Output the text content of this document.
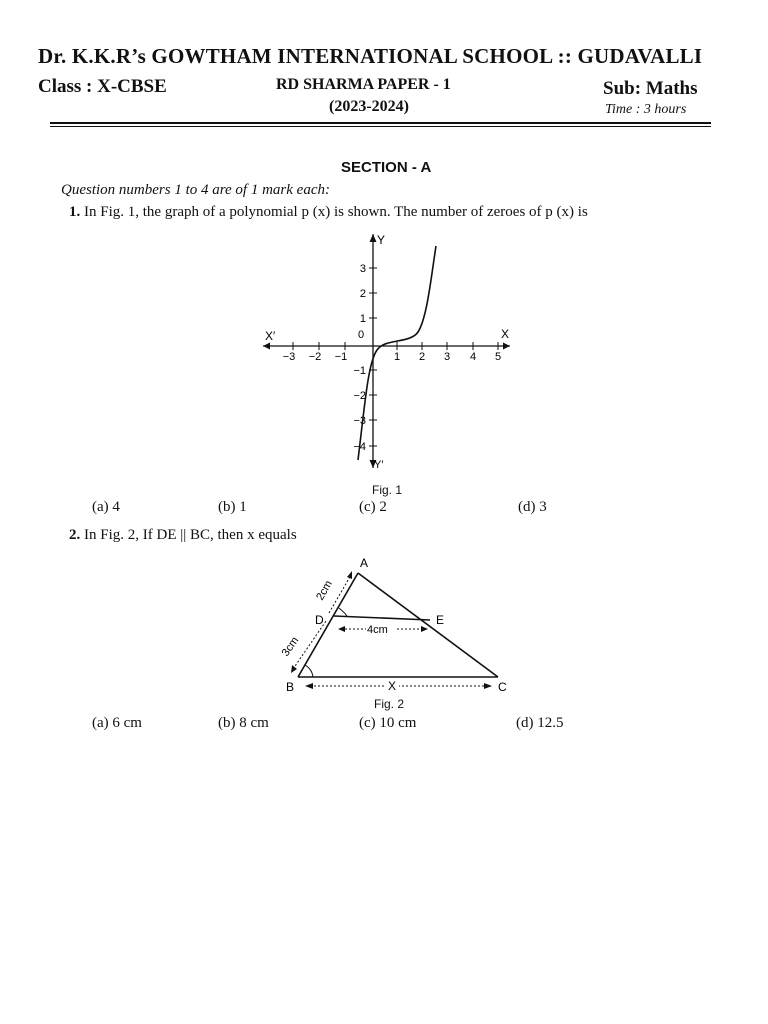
Dr. K.K.R’s GOWTHAM INTERNATIONAL SCHOOL :: GUDAVALLI
Class : X-CBSE	RD SHARMA PAPER - 1
(2023-2024)
Sub: Maths
Time : 3 hours
SECTION - A
Question numbers 1 to 4 are of 1 mark each:
1. In Fig. 1, the graph of a polynomial p (x) is shown. The number of zeroes of p (x) is
−3 −2 −1	1 2 3 4 5
3
2
1
−1
−2
−3
−4
X′	X
Y
Y′
0
Fig. 1
(a) 4	(b) 1	(c) 2	(d) 3
2. In Fig. 2, If DE || BC, then x equals
A
D	E
B	C
4cm
X
2cm
3cm
Fig. 2
(a) 6 cm	(b) 8 cm	(c) 10 cm	(d) 12.5
